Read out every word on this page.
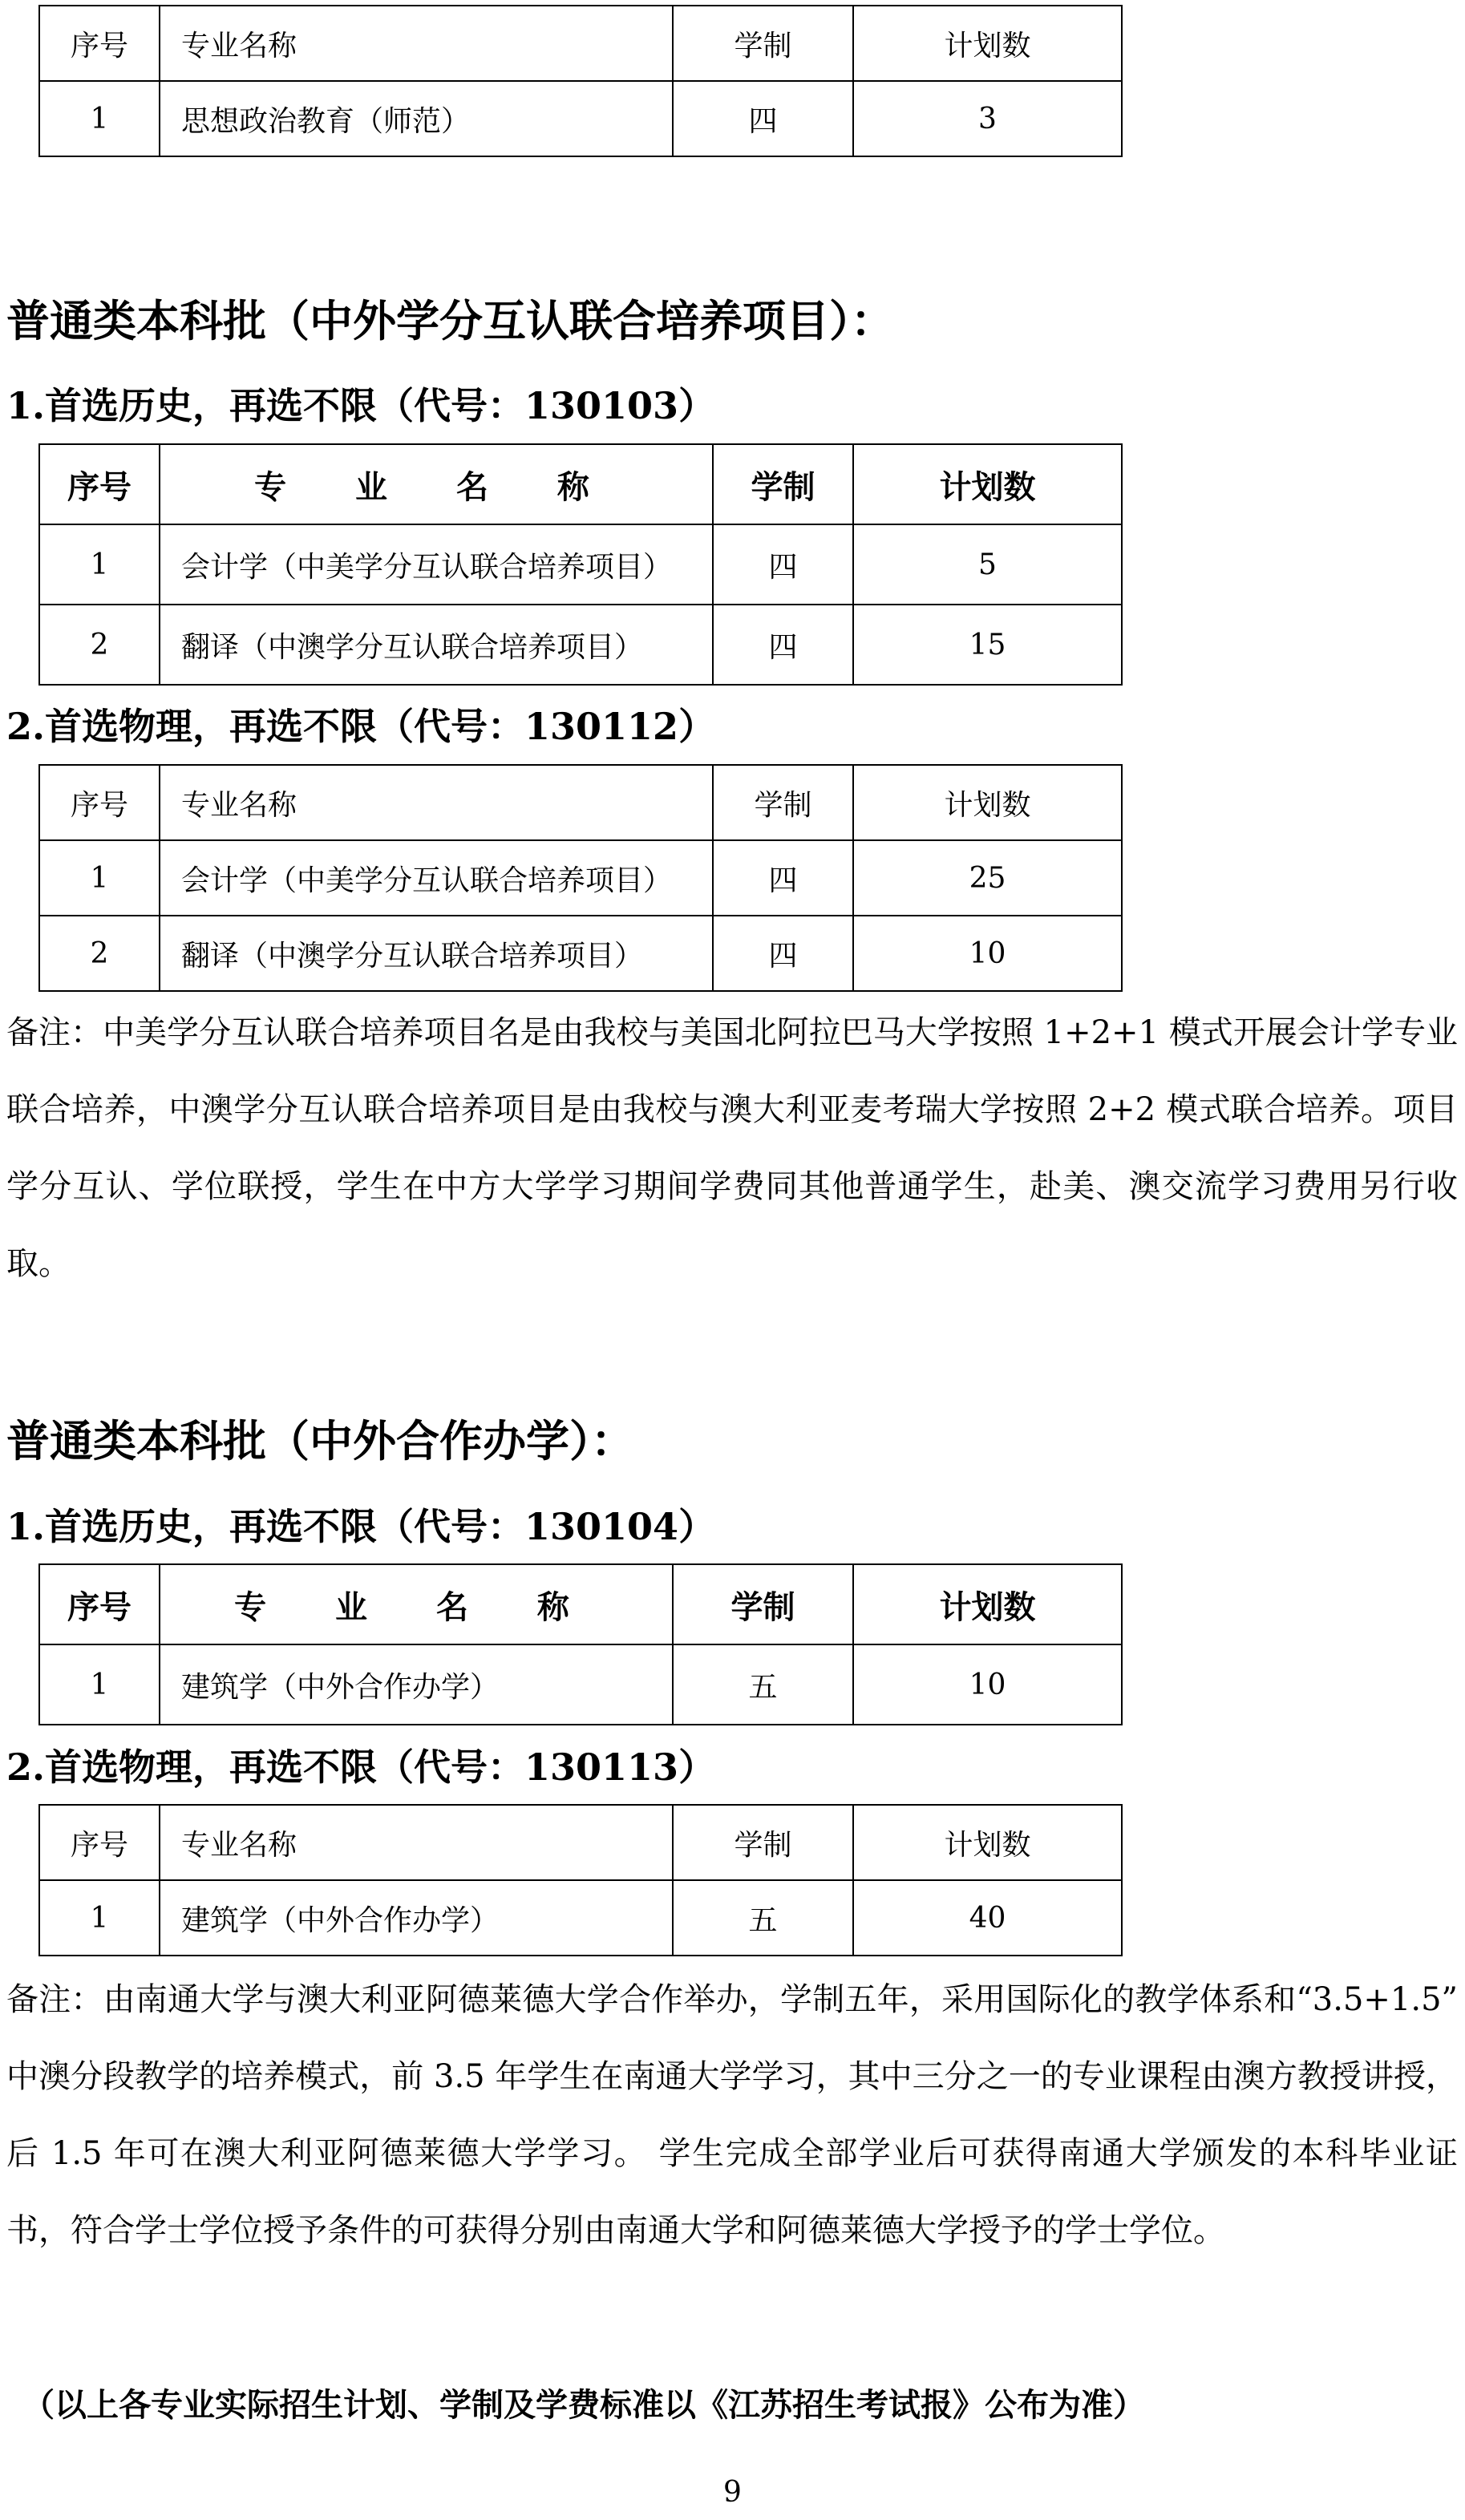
序号	专业名称	学制	计划数
1	思想政治教育（师范）	四	3

普通类本科批（中外学分互认联合培养项目）：

1.首选历史，再选不限（代号：130103）

序号	专 业 名 称	学制	计划数
1	会计学（中美学分互认联合培养项目）	四	5
2	翻译（中澳学分互认联合培养项目）	四	15

2.首选物理，再选不限（代号：130112）

序号	专业名称	学制	计划数
1	会计学（中美学分互认联合培养项目）	四	25
2	翻译（中澳学分互认联合培养项目）	四	10

备注：中美学分互认联合培养项目名是由我校与美国北阿拉巴马大学按照 1+2+1 模式开展会计学专业联合培养，中澳学分互认联合培养项目是由我校与澳大利亚麦考瑞大学按照 2+2 模式联合培养。项目学分互认、学位联授，学生在中方大学学习期间学费同其他普通学生，赴美、澳交流学习费用另行收取。

普通类本科批（中外合作办学）：

1.首选历史，再选不限（代号：130104）

序号	专 业 名 称	学制	计划数
1	建筑学（中外合作办学）	五	10

2.首选物理，再选不限（代号：130113）

序号	专业名称	学制	计划数
1	建筑学（中外合作办学）	五	40

备注：由南通大学与澳大利亚阿德莱德大学合作举办，学制五年，采用国际化的教学体系和“3.5+1.5” 中澳分段教学的培养模式，前 3.5 年学生在南通大学学习，其中三分之一的专业课程由澳方教授讲授，后 1.5 年可在澳大利亚阿德莱德大学学习。 学生完成全部学业后可获得南通大学颁发的本科毕业证书，符合学士学位授予条件的可获得分别由南通大学和阿德莱德大学授予的学士学位。

（以上各专业实际招生计划、学制及学费标准以《江苏招生考试报》公布为准）

9
